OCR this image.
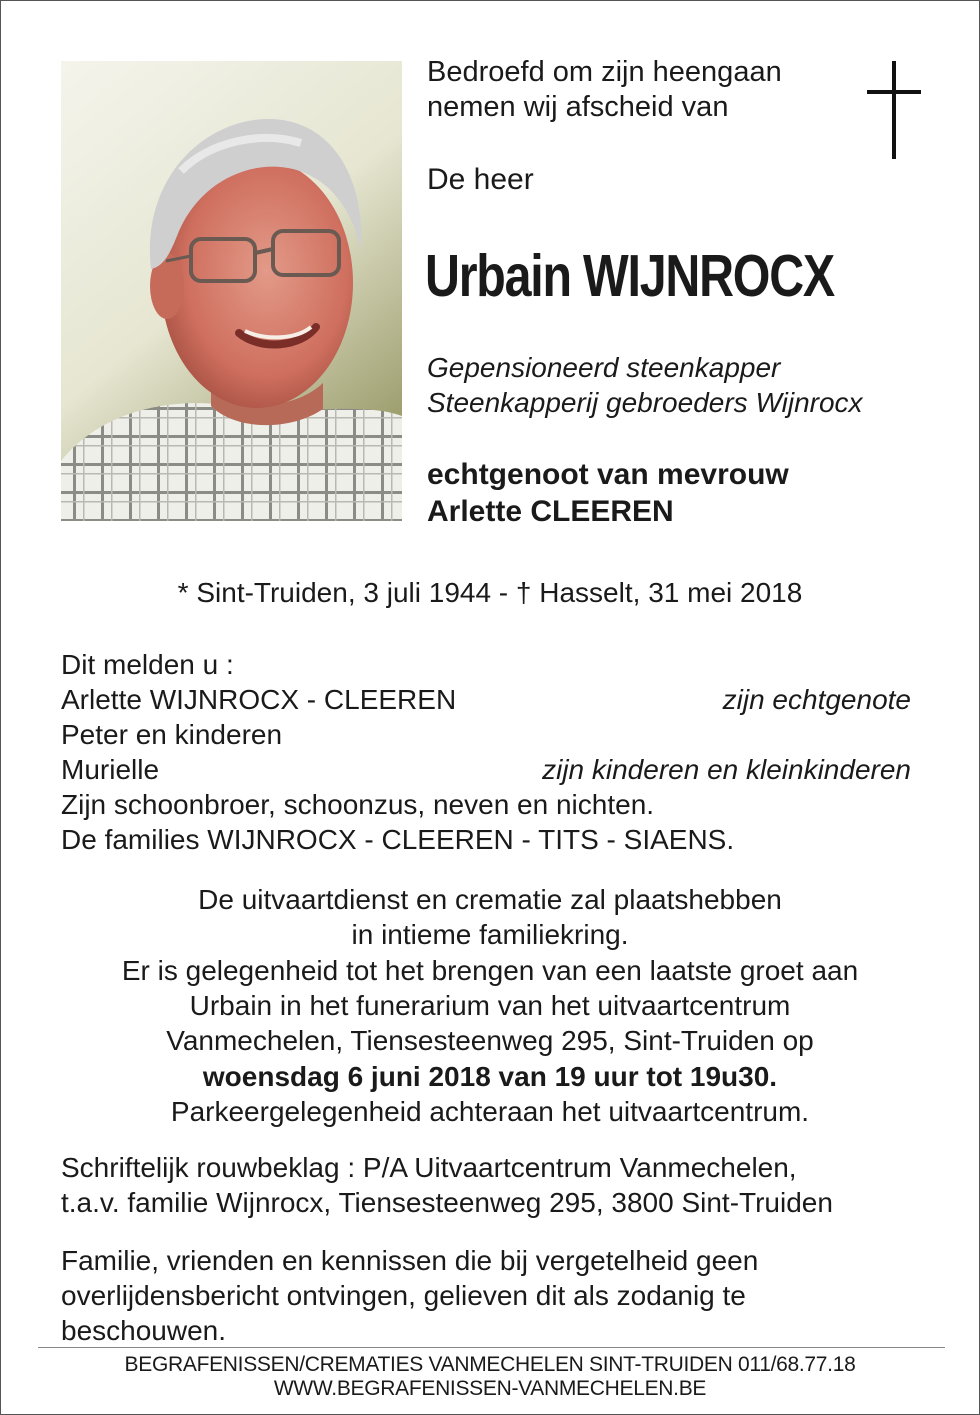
Bedroefd om zijn heengaan
nemen wij afscheid van
De heer
Urbain WIJNROCX
Gepensioneerd steenkapper
Steenkapperij gebroeders Wijnrocx
echtgenoot van mevrouw
Arlette CLEEREN
* Sint-Truiden, 3 juli 1944 - † Hasselt, 31 mei 2018
Dit melden u :
Arlette WIJNROCX - CLEEREN	zijn echtgenote
Peter en kinderen
Murielle	zijn kinderen en kleinkinderen
Zijn schoonbroer, schoonzus, neven en nichten.
De families WIJNROCX - CLEEREN - TITS - SIAENS.
De uitvaartdienst en crematie zal plaatshebben
in intieme familiekring.
Er is gelegenheid tot het brengen van een laatste groet aan
Urbain in het funerarium van het uitvaartcentrum
Vanmechelen, Tiensesteenweg 295, Sint-Truiden op
woensdag 6 juni 2018 van 19 uur tot 19u30.
Parkeergelegenheid achteraan het uitvaartcentrum.
Schriftelijk rouwbeklag : P/A Uitvaartcentrum Vanmechelen,
t.a.v. familie Wijnrocx, Tiensesteenweg 295, 3800 Sint-Truiden
Familie, vrienden en kennissen die bij vergetelheid geen
overlijdensbericht ontvingen, gelieven dit als zodanig te
beschouwen.
BEGRAFENISSEN/CREMATIES VANMECHELEN SINT-TRUIDEN 011/68.77.18
WWW.BEGRAFENISSEN-VANMECHELEN.BE
